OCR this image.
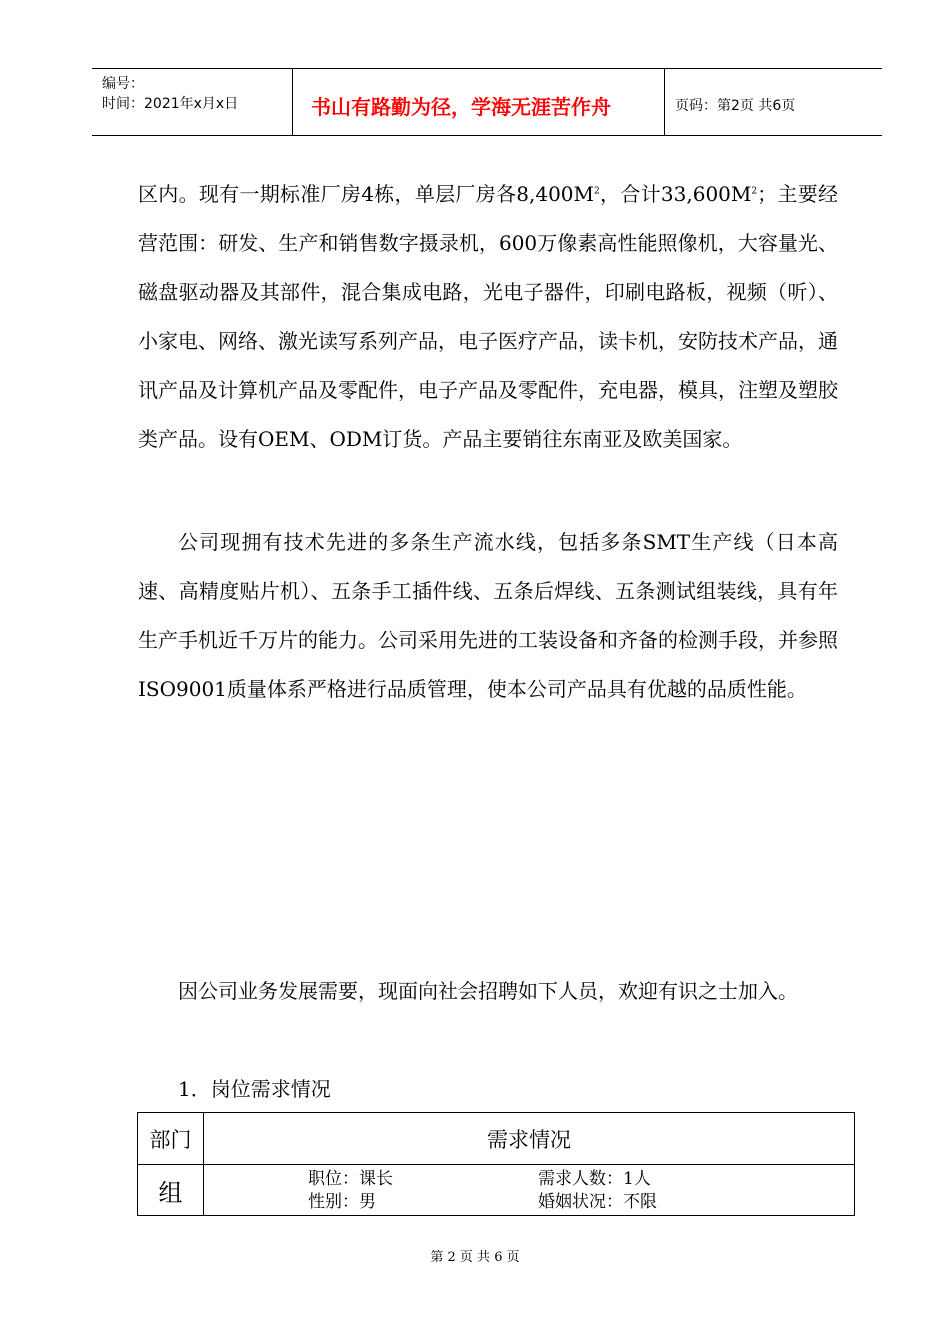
编号：
时间：2021年x月x日	书山有路勤为径，学海无涯苦作舟	页码：第2页 共6页
区内。现有一期标准厂房4栋，单层厂房各$8,400M^2$，合计$33,600M^2$；主要经营范围：研发、生产和销售数字摄录机，600万像素高性能照像机，大容量光、磁盘驱动器及其部件，混合集成电路，光电子器件，印刷电路板，视频（听）、小家电、网络、激光读写系列产品，电子医疗产品，读卡机，安防技术产品，通讯产品及计算机产品及零配件，电子产品及零配件，充电器，模具，注塑及塑胶类产品。设有OEM、ODM订货。产品主要销往东南亚及欧美国家。
公司现拥有技术先进的多条生产流水线，包括多条SMT生产线（日本高速、高精度贴片机）、五条手工插件线、五条后焊线、五条测试组装线，具有年生产手机近千万片的能力。公司采用先进的工装设备和齐备的检测手段，并参照ISO9001质量体系严格进行品质管理，使本公司产品具有优越的品质性能。
因公司业务发展需要，现面向社会招聘如下人员，欢迎有识之士加入。
1．岗位需求情况
部门	需求情况
组	职位：课长 需求人数：1人
性别：男 婚姻状况：不限
第 2 页 共 6 页
